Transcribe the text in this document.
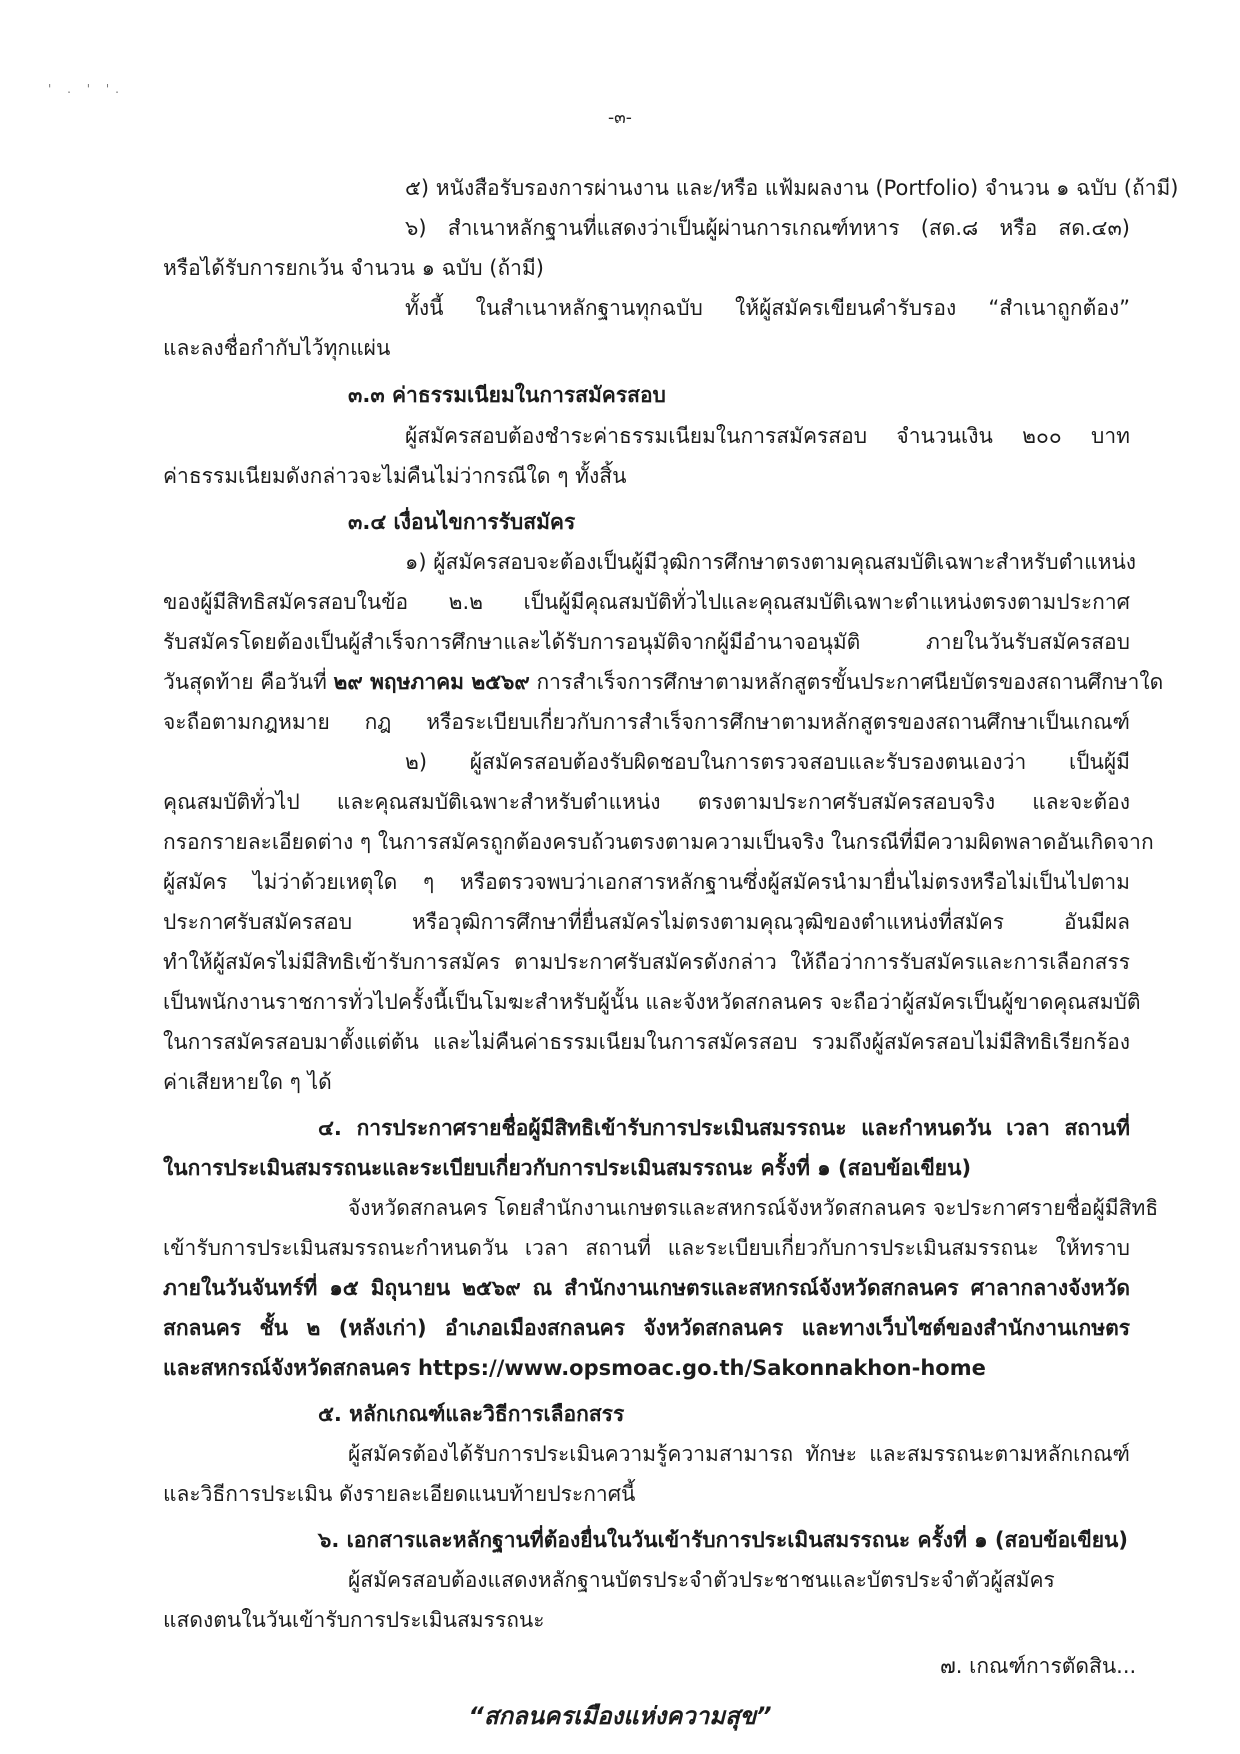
' . ' '.
-๓-
๕) หนังสือรับรองการผ่านงาน และ/หรือ แฟ้มผลงาน (Portfolio) จำนวน ๑ ฉบับ (ถ้ามี)
๖) สำเนาหลักฐานที่แสดงว่าเป็นผู้ผ่านการเกณฑ์ทหาร (สด.๘ หรือ สด.๔๓)
หรือได้รับการยกเว้น จำนวน ๑ ฉบับ (ถ้ามี)
ทั้งนี้ ในสำเนาหลักฐานทุกฉบับ ให้ผู้สมัครเขียนคำรับรอง “สำเนาถูกต้อง”
และลงชื่อกำกับไว้ทุกแผ่น
๓.๓ ค่าธรรมเนียมในการสมัครสอบ
ผู้สมัครสอบต้องชำระค่าธรรมเนียมในการสมัครสอบ จำนวนเงิน ๒๐๐ บาท
ค่าธรรมเนียมดังกล่าวจะไม่คืนไม่ว่ากรณีใด ๆ ทั้งสิ้น
๓.๔ เงื่อนไขการรับสมัคร
๑) ผู้สมัครสอบจะต้องเป็นผู้มีวุฒิการศึกษาตรงตามคุณสมบัติเฉพาะสำหรับตำแหน่ง
ของผู้มีสิทธิสมัครสอบในข้อ ๒.๒ เป็นผู้มีคุณสมบัติทั่วไปและคุณสมบัติเฉพาะตำแหน่งตรงตามประกาศ
รับสมัครโดยต้องเป็นผู้สำเร็จการศึกษาและได้รับการอนุมัติจากผู้มีอำนาจอนุมัติ ภายในวันรับสมัครสอบ
วันสุดท้าย คือวันที่ ๒๙ พฤษภาคม ๒๕๖๙ การสำเร็จการศึกษาตามหลักสูตรขั้นประกาศนียบัตรของสถานศึกษาใด
จะถือตามกฎหมาย กฎ หรือระเบียบเกี่ยวกับการสำเร็จการศึกษาตามหลักสูตรของสถานศึกษาเป็นเกณฑ์
๒) ผู้สมัครสอบต้องรับผิดชอบในการตรวจสอบและรับรองตนเองว่า เป็นผู้มี
คุณสมบัติทั่วไป และคุณสมบัติเฉพาะสำหรับตำแหน่ง ตรงตามประกาศรับสมัครสอบจริง และจะต้อง
กรอกรายละเอียดต่าง ๆ ในการสมัครถูกต้องครบถ้วนตรงตามความเป็นจริง ในกรณีที่มีความผิดพลาดอันเกิดจาก
ผู้สมัคร ไม่ว่าด้วยเหตุใด ๆ หรือตรวจพบว่าเอกสารหลักฐานซึ่งผู้สมัครนำมายื่นไม่ตรงหรือไม่เป็นไปตาม
ประกาศรับสมัครสอบ หรือวุฒิการศึกษาที่ยื่นสมัครไม่ตรงตามคุณวุฒิของตำแหน่งที่สมัคร อันมีผล
ทำให้ผู้สมัครไม่มีสิทธิเข้ารับการสมัคร ตามประกาศรับสมัครดังกล่าว ให้ถือว่าการรับสมัครและการเลือกสรร
เป็นพนักงานราชการทั่วไปครั้งนี้เป็นโมฆะสำหรับผู้นั้น และจังหวัดสกลนคร จะถือว่าผู้สมัครเป็นผู้ขาดคุณสมบัติ
ในการสมัครสอบมาตั้งแต่ต้น และไม่คืนค่าธรรมเนียมในการสมัครสอบ รวมถึงผู้สมัครสอบไม่มีสิทธิเรียกร้อง
ค่าเสียหายใด ๆ ได้
๔. การประกาศรายชื่อผู้มีสิทธิเข้ารับการประเมินสมรรถนะ และกำหนดวัน เวลา สถานที่
ในการประเมินสมรรถนะและระเบียบเกี่ยวกับการประเมินสมรรถนะ ครั้งที่ ๑ (สอบข้อเขียน)
จังหวัดสกลนคร โดยสำนักงานเกษตรและสหกรณ์จังหวัดสกลนคร จะประกาศรายชื่อผู้มีสิทธิ
เข้ารับการประเมินสมรรถนะกำหนดวัน เวลา สถานที่ และระเบียบเกี่ยวกับการประเมินสมรรถนะ ให้ทราบ
ภายในวันจันทร์ที่ ๑๕ มิถุนายน ๒๕๖๙ ณ สำนักงานเกษตรและสหกรณ์จังหวัดสกลนคร ศาลากลางจังหวัด
สกลนคร ชั้น ๒ (หลังเก่า) อำเภอเมืองสกลนคร จังหวัดสกลนคร และทางเว็บไซต์ของสำนักงานเกษตร
และสหกรณ์จังหวัดสกลนคร https://www.opsmoac.go.th/Sakonnakhon-home
๕. หลักเกณฑ์และวิธีการเลือกสรร
ผู้สมัครต้องได้รับการประเมินความรู้ความสามารถ ทักษะ และสมรรถนะตามหลักเกณฑ์
และวิธีการประเมิน ดังรายละเอียดแนบท้ายประกาศนี้
๖. เอกสารและหลักฐานที่ต้องยื่นในวันเข้ารับการประเมินสมรรถนะ ครั้งที่ ๑ (สอบข้อเขียน)
ผู้สมัครสอบต้องแสดงหลักฐานบัตรประจำตัวประชาชนและบัตรประจำตัวผู้สมัคร
แสดงตนในวันเข้ารับการประเมินสมรรถนะ
๗. เกณฑ์การตัดสิน...
“สกลนครเมืองแห่งความสุข”
